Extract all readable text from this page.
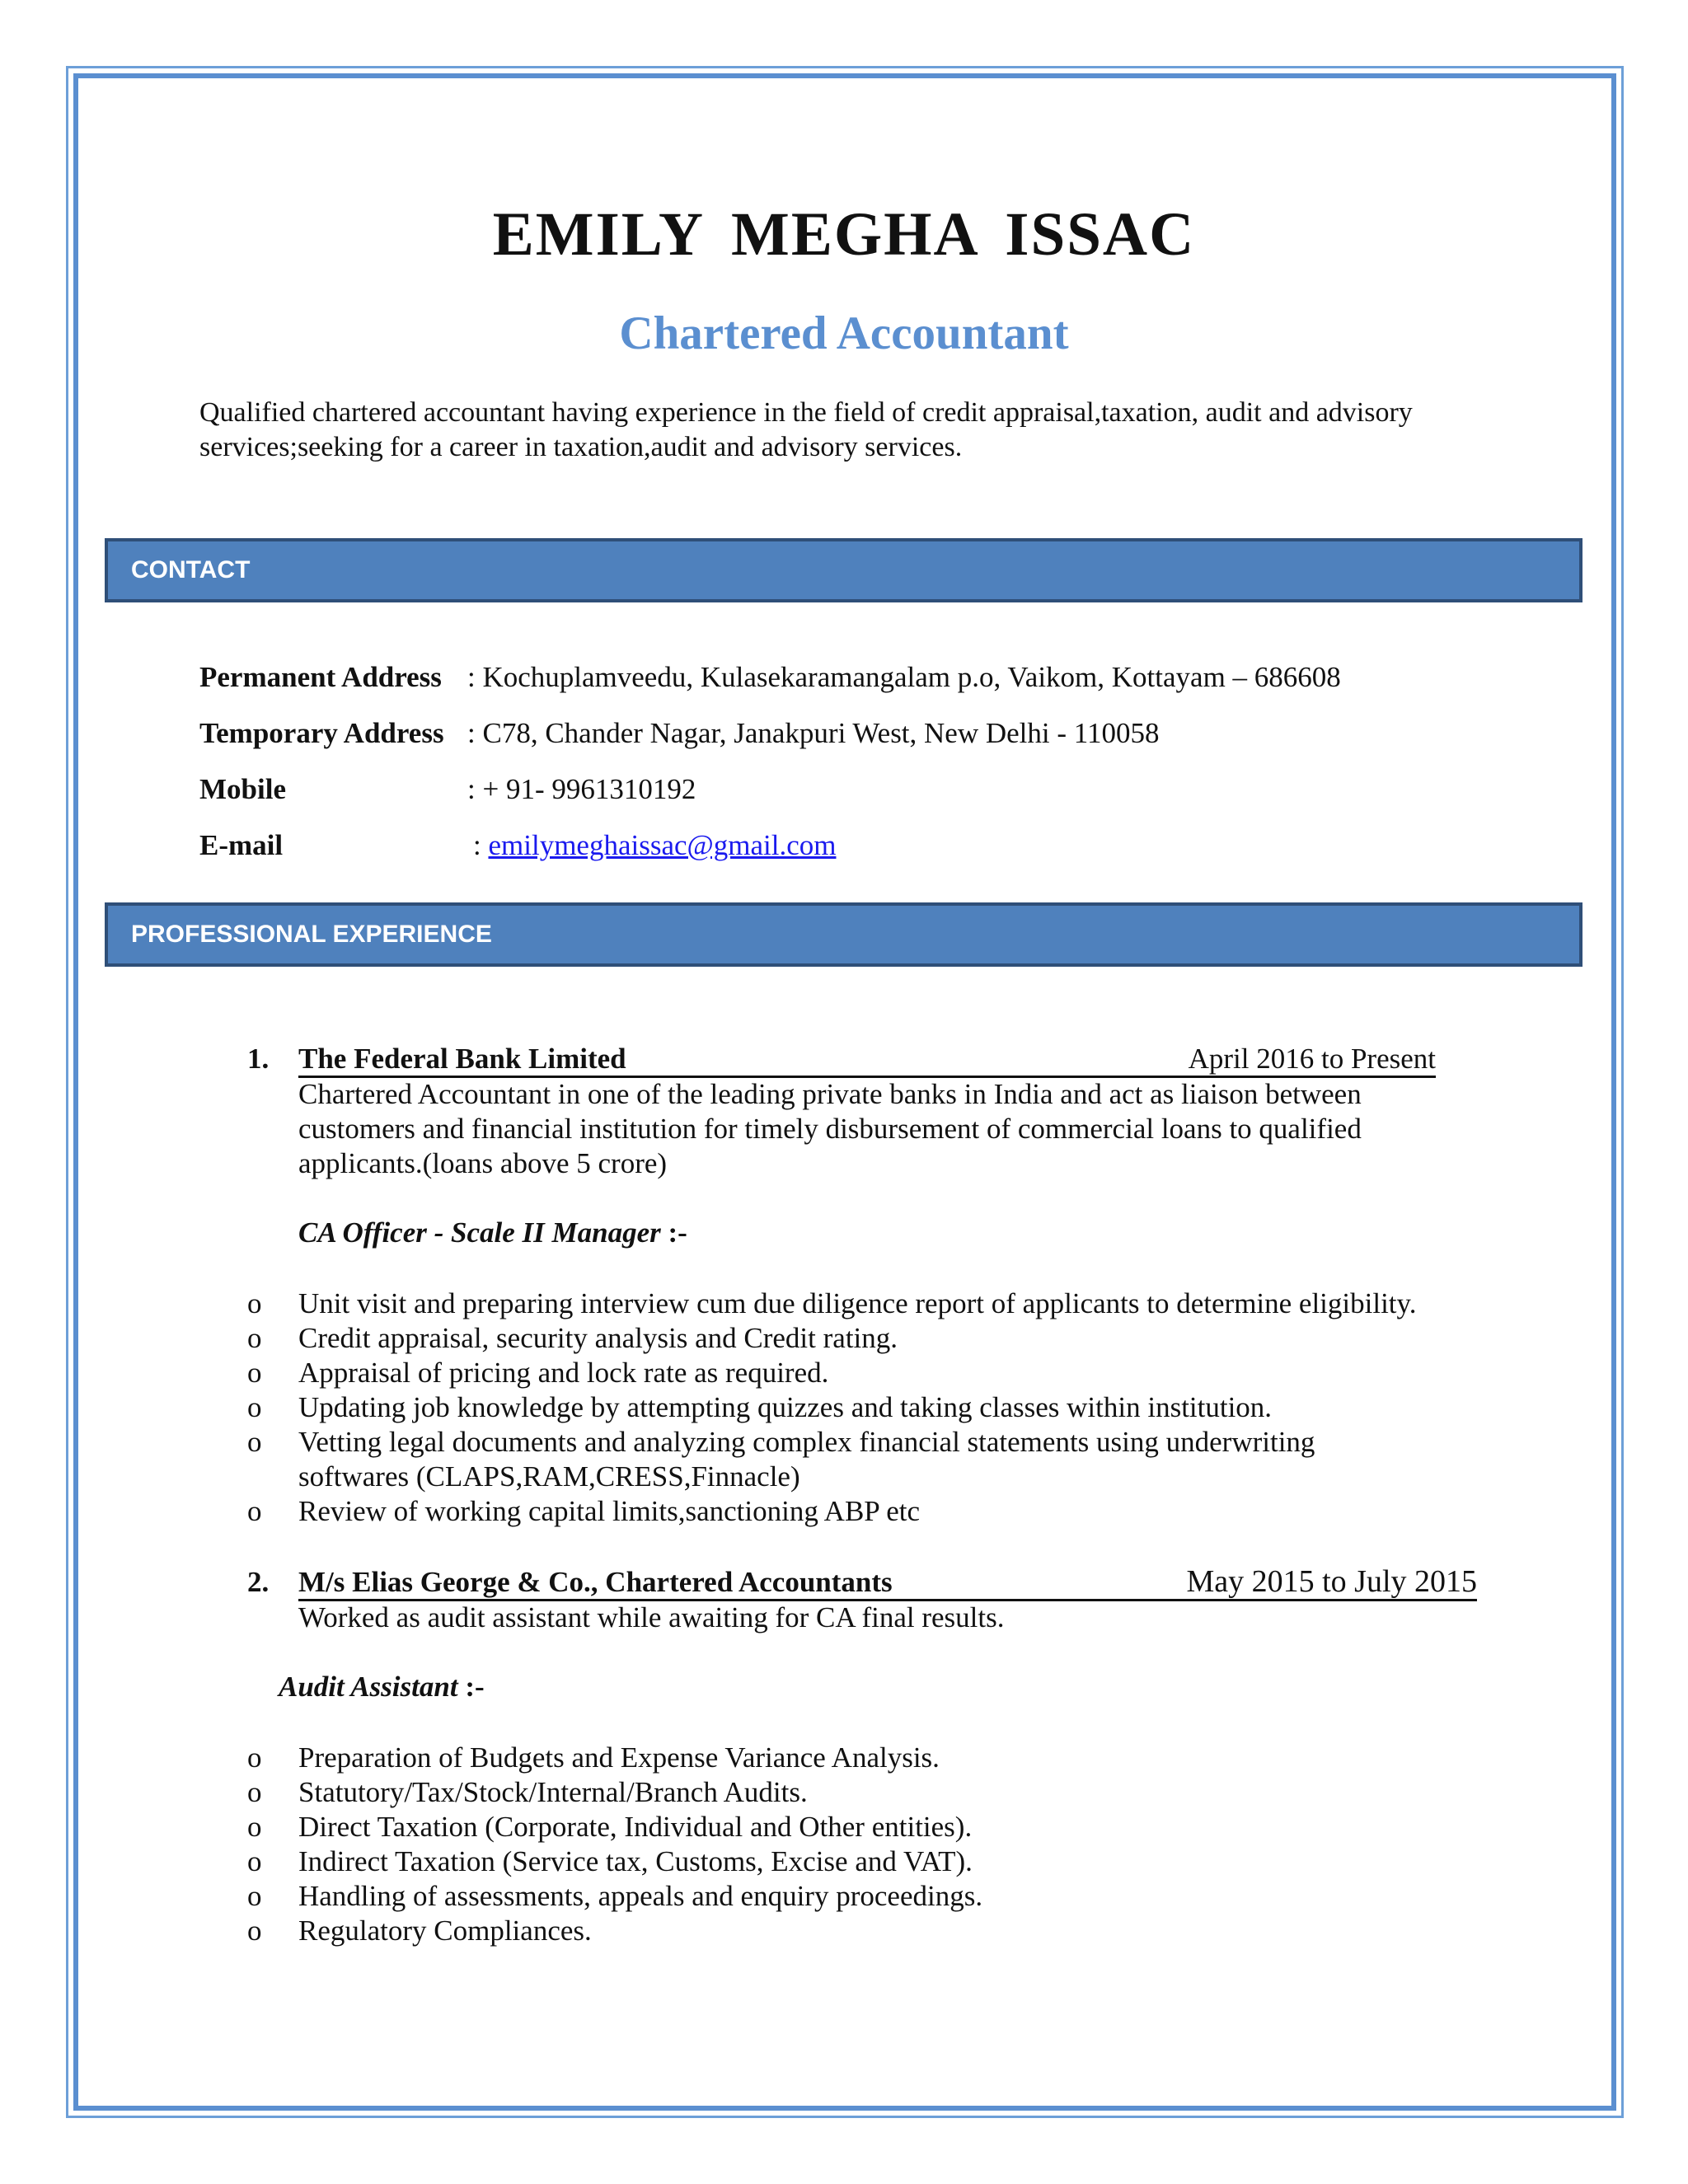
EMILY MEGHA ISSAC
Chartered Accountant
Qualified chartered accountant having experience in the field of credit appraisal,taxation, audit and advisory services;seeking for a career in taxation,audit and advisory services.
CONTACT
Permanent Address : Kochuplamveedu, Kulasekaramangalam p.o, Vaikom, Kottayam – 686608
Temporary Address : C78, Chander Nagar, Janakpuri West, New Delhi - 110058
Mobile	: + 91- 9961310192
E-mail	: emilymeghaissac@gmail.com
PROFESSIONAL EXPERIENCE
1. The Federal Bank Limited	April 2016 to Present
Chartered Accountant in one of the leading private banks in India and act as liaison between customers and financial institution for timely disbursement of commercial loans to qualified applicants.(loans above 5 crore)
CA Officer - Scale II Manager :-
o Unit visit and preparing interview cum due diligence report of applicants to determine eligibility.
o Credit appraisal, security analysis and Credit rating.
o Appraisal of pricing and lock rate as required.
o Updating job knowledge by attempting quizzes and taking classes within institution.
o Vetting legal documents and analyzing complex financial statements using underwriting softwares (CLAPS,RAM,CRESS,Finnacle)
o Review of working capital limits,sanctioning ABP etc
2. M/s Elias George & Co., Chartered Accountants	May 2015 to July 2015
Worked as audit assistant while awaiting for CA final results.
Audit Assistant :-
o Preparation of Budgets and Expense Variance Analysis.
o Statutory/Tax/Stock/Internal/Branch Audits.
o Direct Taxation (Corporate, Individual and Other entities).
o Indirect Taxation (Service tax, Customs, Excise and VAT).
o Handling of assessments, appeals and enquiry proceedings.
o Regulatory Compliances.
